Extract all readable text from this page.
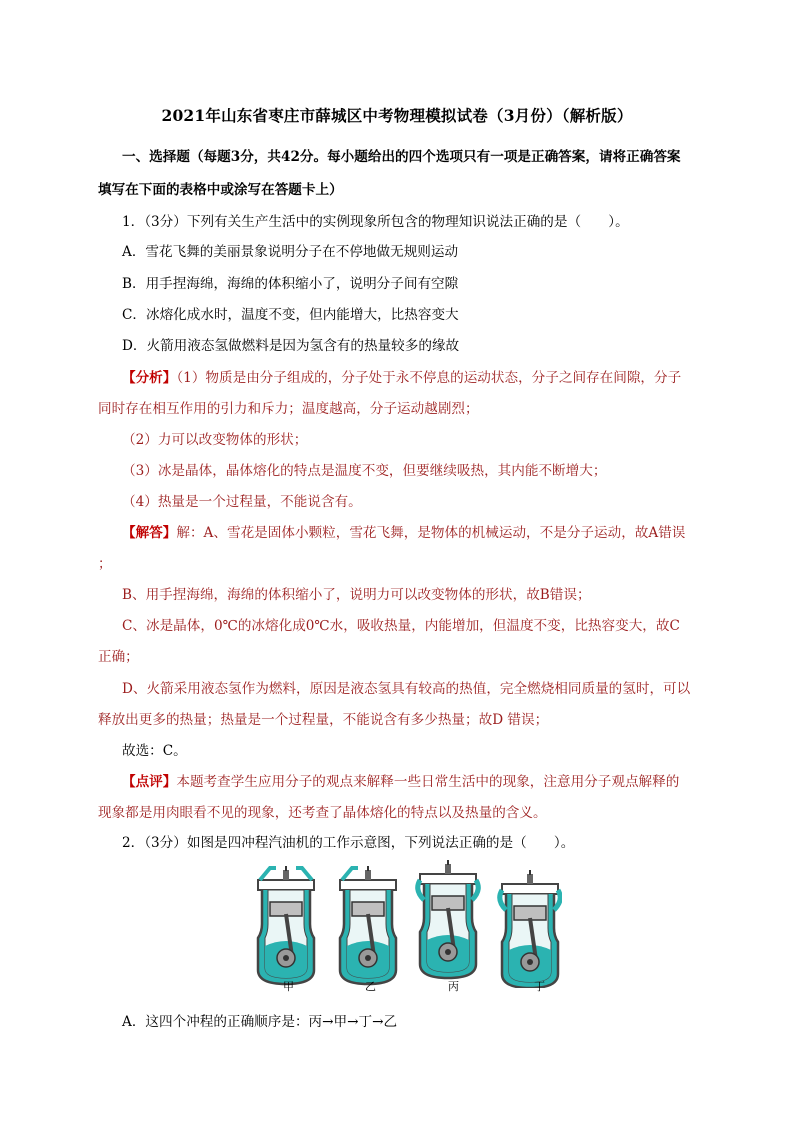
2021年山东省枣庄市薛城区中考物理模拟试卷（3月份）（解析版）
一、选择题（每题3分，共42分。每小题给出的四个选项只有一项是正确答案，请将正确答案
填写在下面的表格中或涂写在答题卡上）
1．（3分）下列有关生产生活中的实例现象所包含的物理知识说法正确的是（　　）。
A．雪花飞舞的美丽景象说明分子在不停地做无规则运动
B．用手捏海绵，海绵的体积缩小了，说明分子间有空隙
C．冰熔化成水时，温度不变，但内能增大，比热容变大
D．火箭用液态氢做燃料是因为氢含有的热量较多的缘故
【分析】（1）物质是由分子组成的，分子处于永不停息的运动状态，分子之间存在间隙，分子
同时存在相互作用的引力和斥力；温度越高，分子运动越剧烈；
（2）力可以改变物体的形状；
（3）冰是晶体，晶体熔化的特点是温度不变，但要继续吸热，其内能不断增大；
（4）热量是一个过程量，不能说含有。
【解答】解：A、雪花是固体小颗粒，雪花飞舞，是物体的机械运动，不是分子运动，故A错误
；
B、用手捏海绵，海绵的体积缩小了，说明力可以改变物体的形状，故B错误；
C、冰是晶体，0℃的冰熔化成0℃水，吸收热量，内能增加，但温度不变，比热容变大，故C
正确；
D、火箭采用液态氢作为燃料，原因是液态氢具有较高的热值，完全燃烧相同质量的氢时，可以
释放出更多的热量；热量是一个过程量，不能说含有多少热量；故D 错误；
故选：C。
【点评】本题考查学生应用分子的观点来解释一些日常生活中的现象，注意用分子观点解释的
现象都是用肉眼看不见的现象，还考查了晶体熔化的特点以及热量的含义。
2．（3分）如图是四冲程汽油机的工作示意图，下列说法正确的是（　　）。
甲	乙	丙	丁
A．这四个冲程的正确顺序是：丙→甲→丁→乙
